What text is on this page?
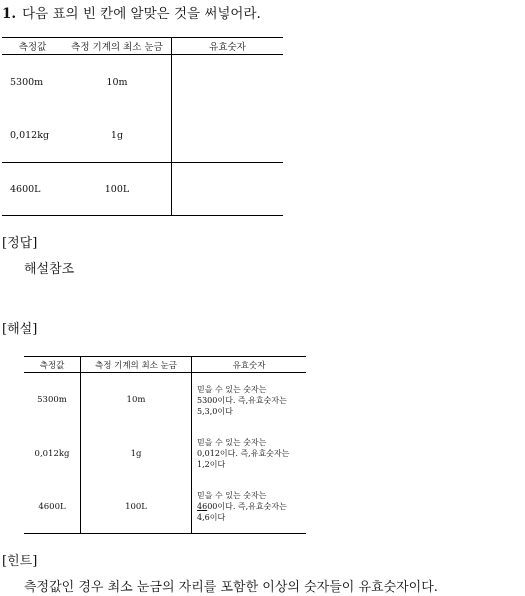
1. 다음 표의 빈 칸에 알맞은 것을 써넣어라.
측정값	측정 기계의 최소 눈금	유효숫자
5300m	10m	
0,012kg	1g	
4600L	100L	
[정답]
해설참조
[해설]
측정값	측정 기계의 최소 눈금	유효숫자
5300m	10m	믿을 수 있는 숫자는
5300이다. 즉,유효숫자는
5,3,0이다

0,012kg	1g	믿을 수 있는 숫자는
0,012이다. 즉,유효숫자는
1,2이다

4600L	100L	믿을 수 있는 숫자는
4600이다. 즉,유효숫자는
4,6이다
[힌트]
측정값인 경우 최소 눈금의 자리를 포함한 이상의 숫자들이 유효숫자이다.
